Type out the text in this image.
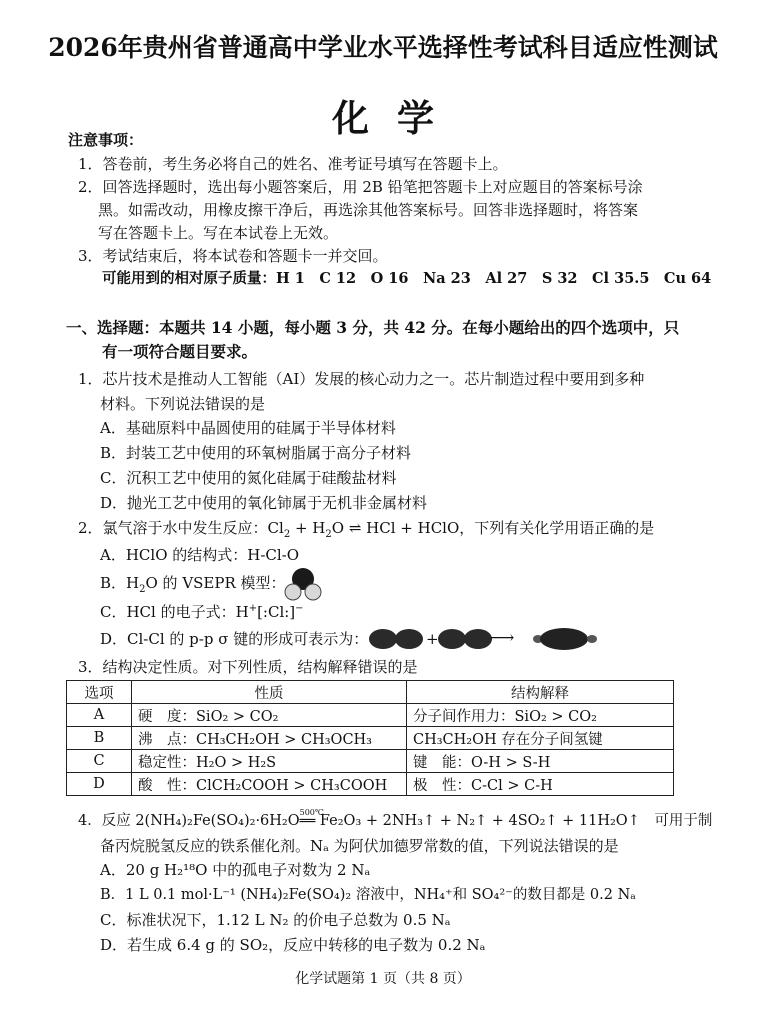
2026年贵州省普通高中学业水平选择性考试科目适应性测试
化学
注意事项：
1．答卷前，考生务必将自己的姓名、准考证号填写在答题卡上。
2．回答选择题时，选出每小题答案后，用 2B 铅笔把答题卡上对应题目的答案标号涂
黑。如需改动，用橡皮擦干净后，再选涂其他答案标号。回答非选择题时，将答案
写在答题卡上。写在本试卷上无效。
3．考试结束后，将本试卷和答题卡一并交回。
可能用到的相对原子质量：H 1　C 12　O 16　Na 23　Al 27　S 32　Cl 35.5　Cu 64
一、选择题：本题共 14 小题，每小题 3 分，共 42 分。在每小题给出的四个选项中，只
有一项符合题目要求。
1．芯片技术是推动人工智能（AI）发展的核心动力之一。芯片制造过程中要用到多种
材料。下列说法错误的是
A．基础原料中晶圆使用的硅属于半导体材料
B．封装工艺中使用的环氧树脂属于高分子材料
C．沉积工艺中使用的氮化硅属于硅酸盐材料
D．抛光工艺中使用的氧化铈属于无机非金属材料
2．氯气溶于水中发生反应：$Cl_2 + H_2O$ ⇌ HCl + HClO，下列有关化学用语正确的是
A．HClO 的结构式：H-Cl-O
B．$H_2O$ 的 VSEPR 模型：
C．HCl 的电子式：H+[:Cl:]−
D．Cl-Cl 的 p-p σ 键的形成可表示为：	+	⟶
3．结构决定性质。对下列性质，结构解释错误的是
选项	性质	结构解释
A	硬　度：SiO₂ > CO₂	分子间作用力：SiO₂ > CO₂
B	沸　点：CH₃CH₂OH > CH₃OCH₃	CH₃CH₂OH 存在分子间氢键
C	稳定性：H₂O > H₂S	键　能：O-H > S-H
D	酸　性：ClCH₂COOH > CH₃COOH	极　性：C-Cl > C-H
4．反应 2(NH₄)₂Fe(SO₄)₂·6H₂O
500℃
══ Fe₂O₃ + 2NH₃↑ + N₂↑ + 4SO₂↑ + 11H₂O↑　可用于制
备丙烷脱氢反应的铁系催化剂。Nₐ 为阿伏加德罗常数的值，下列说法错误的是
A．20 g H₂¹⁸O 中的孤电子对数为 2 Nₐ
B．1 L 0.1 mol·L⁻¹ (NH₄)₂Fe(SO₄)₂ 溶液中，NH₄⁺和 SO₄²⁻的数目都是 0.2 Nₐ
C．标准状况下，1.12 L N₂ 的价电子总数为 0.5 Nₐ
D．若生成 6.4 g 的 SO₂，反应中转移的电子数为 0.2 Nₐ
化学试题第 1 页（共 8 页）
